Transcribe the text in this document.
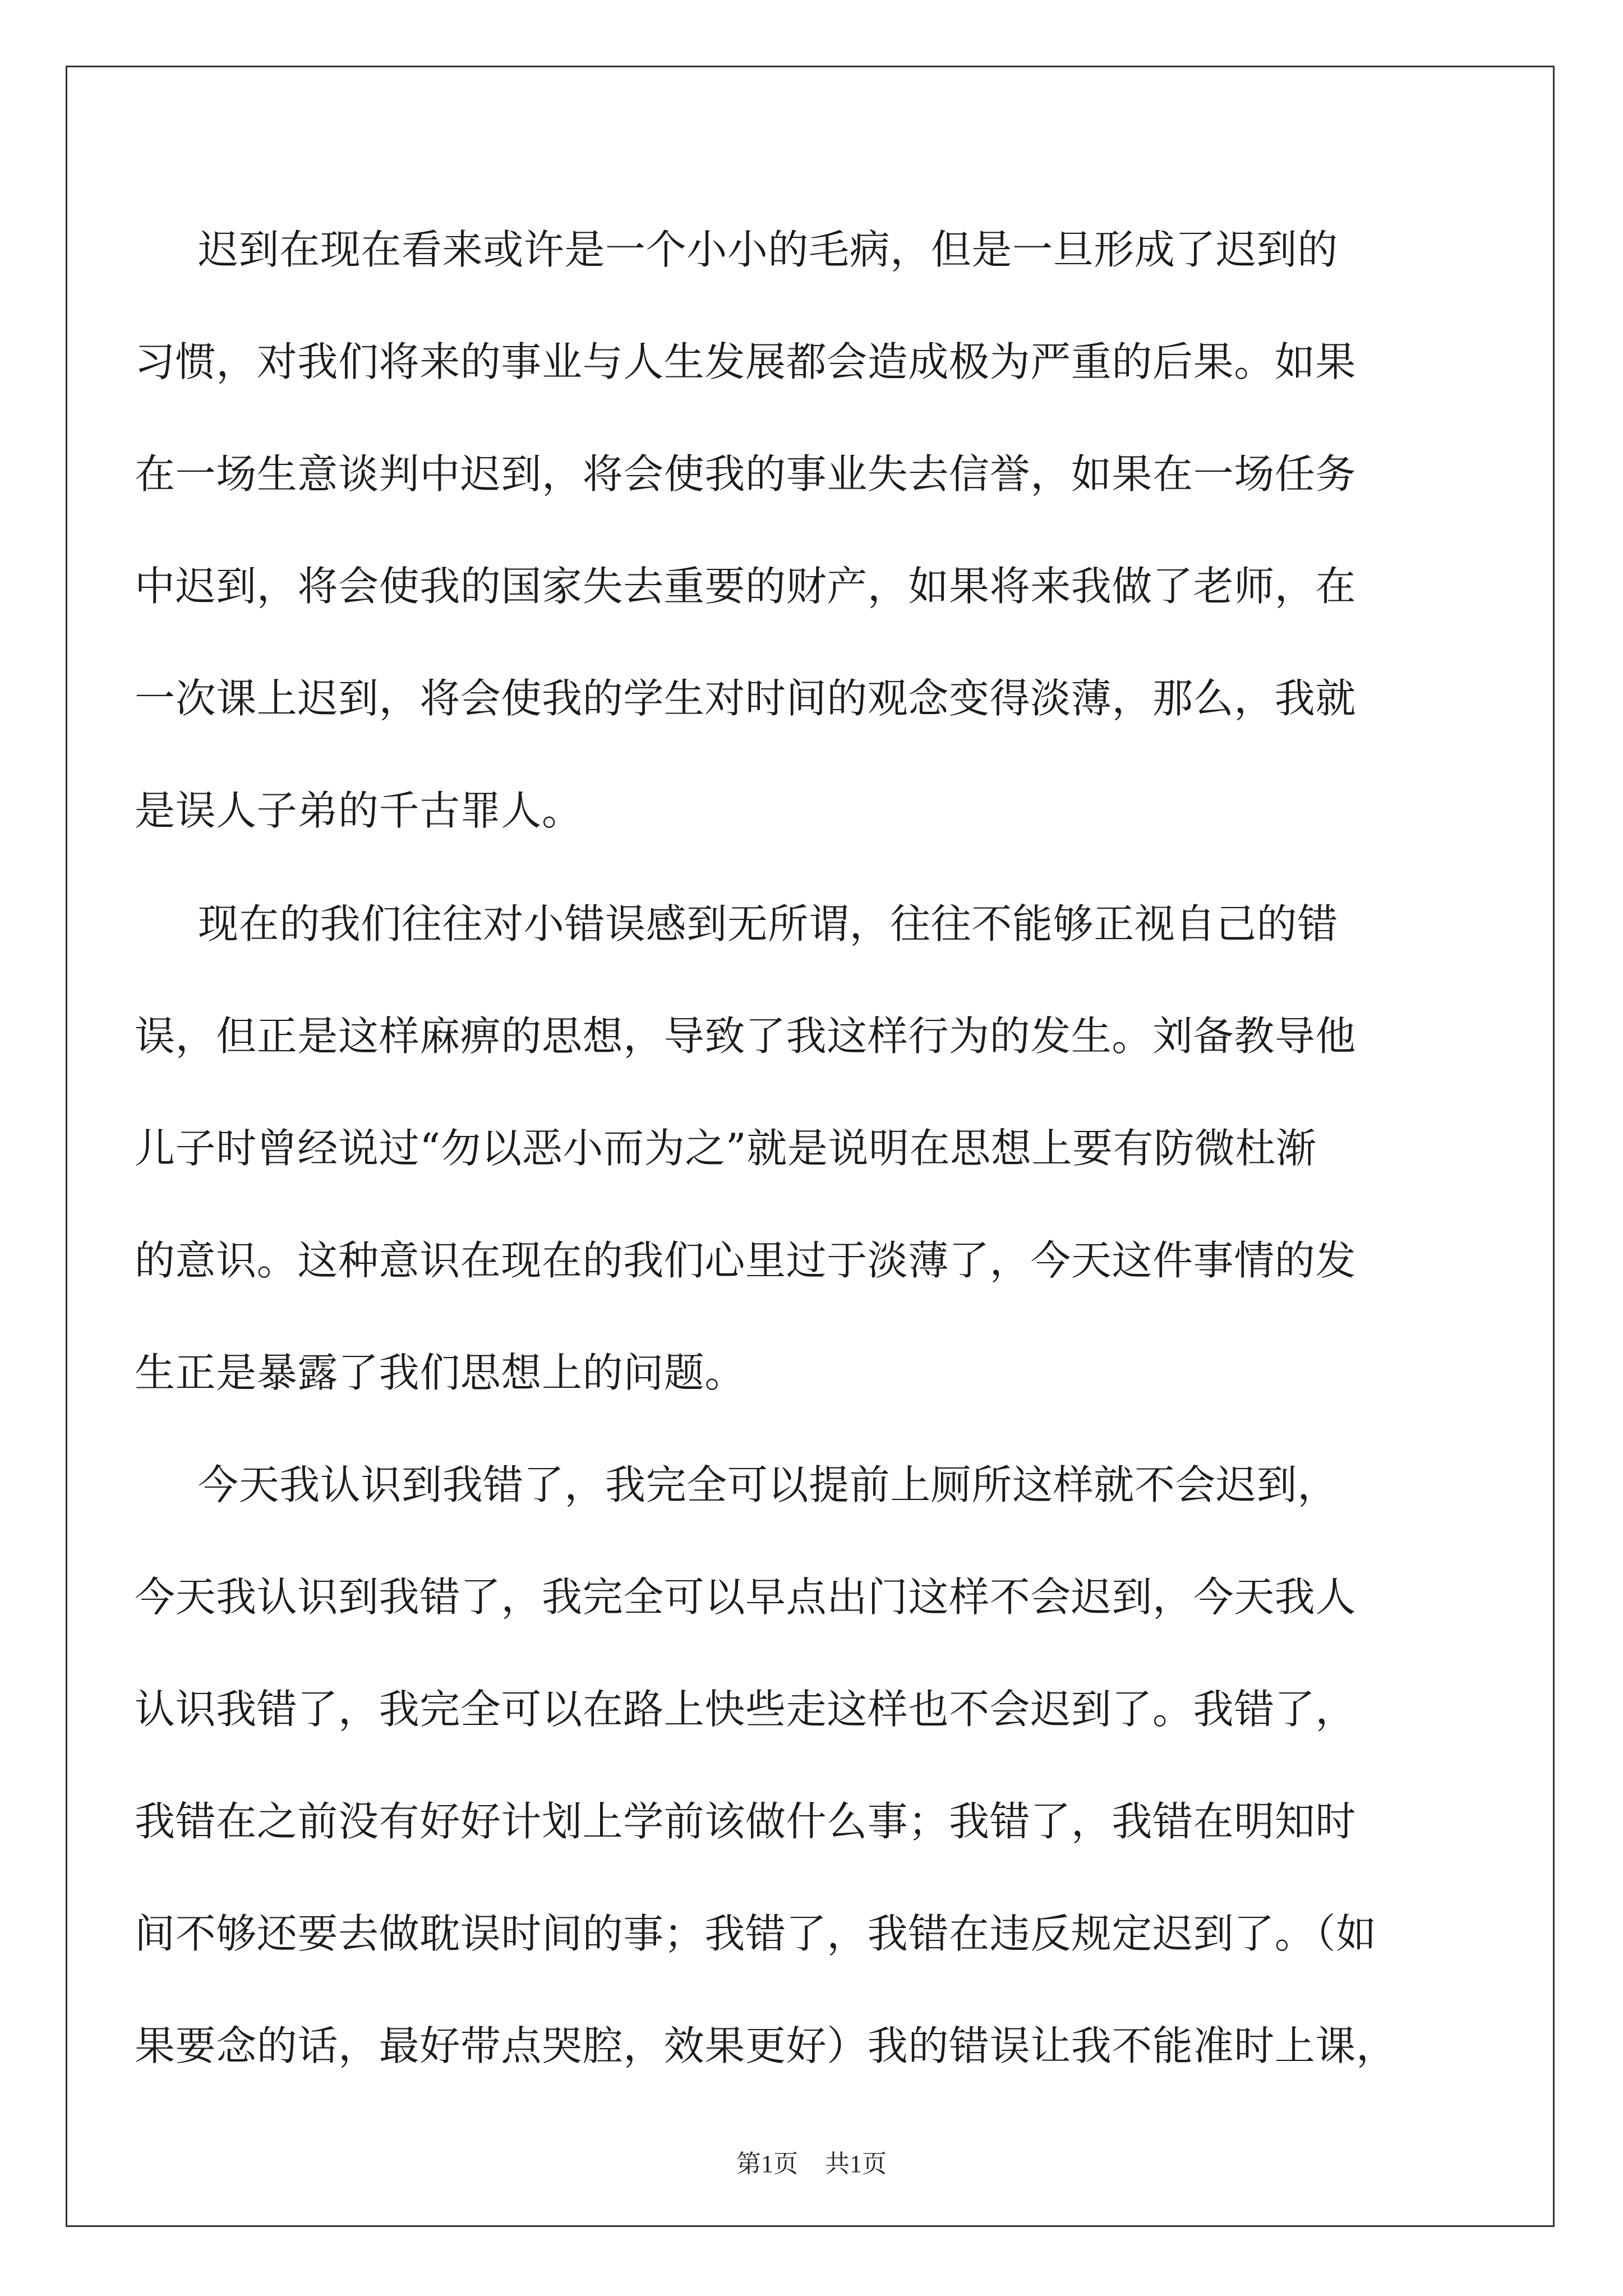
迟到在现在看来或许是一个小小的毛病，但是一旦形成了迟到的
习惯，对我们将来的事业与人生发展都会造成极为严重的后果。如果
在一场生意谈判中迟到，将会使我的事业失去信誉，如果在一场任务
中迟到，将会使我的国家失去重要的财产，如果将来我做了老师，在
一次课上迟到，将会使我的学生对时间的观念变得淡薄，那么，我就
是误人子弟的千古罪人。
现在的我们往往对小错误感到无所谓，往往不能够正视自己的错
误，但正是这样麻痹的思想，导致了我这样行为的发生。刘备教导他
儿子时曾经说过“勿以恶小而为之”就是说明在思想上要有防微杜渐
的意识。这种意识在现在的我们心里过于淡薄了，今天这件事情的发
生正是暴露了我们思想上的问题。
今天我认识到我错了，我完全可以提前上厕所这样就不会迟到，
今天我认识到我错了，我完全可以早点出门这样不会迟到，今天我人
认识我错了，我完全可以在路上快些走这样也不会迟到了。我错了，
我错在之前没有好好计划上学前该做什么事；我错了，我错在明知时
间不够还要去做耽误时间的事；我错了，我错在违反规定迟到了。（如
果要念的话，最好带点哭腔，效果更好）我的错误让我不能准时上课，
第1页 共1页
